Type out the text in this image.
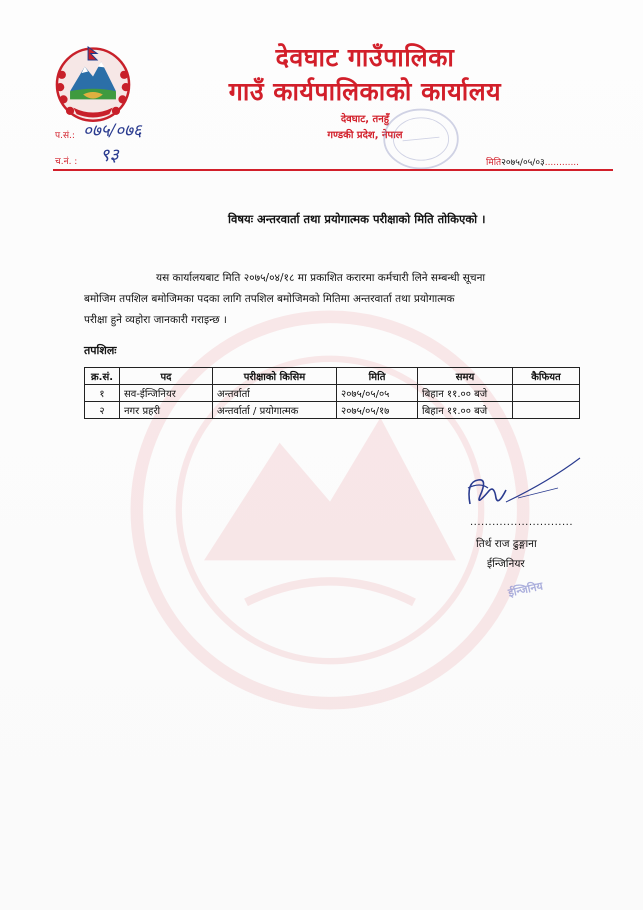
देवघाट गाउँपालिका
गाउँ कार्यपालिकाको कार्यालय
देवघाट, तनहुँ
गण्डकी प्रदेश, नेपाल
प.सं.: ०७५/०७६
च.नं. : ९३	मिति२०७५/०५/०३............
विषयः अन्तरवार्ता तथा प्रयोगात्मक परीक्षाको मिति तोकिएको ।
यस कार्यालयबाट मिति २०७५/०४/१८ मा प्रकाशित करारमा कर्मचारी लिने सम्बन्धी सूचना
बमोजिम तपशिल बमोजिमका पदका लागि तपशिल बमोजिमको मितिमा अन्तरवार्ता तथा प्रयोगात्मक
परीक्षा हुने व्यहोरा जानकारी गराइन्छ ।
तपशिलः
क्र.सं.	पद	परीक्षाको किसिम	मिति	समय	कैफियत
१	सव-ईन्जिनियर	अन्तर्वार्ता	२०७५/०५/०५	बिहान ११.०० बजे	
२	नगर प्रहरी	अन्तर्वार्ता / प्रयोगात्मक	२०७५/०५/१७	बिहान ११.०० बजे	
............................
तिर्थ राज ढुङ्गाना
ईन्जिनियर
ईन्जिनिय
